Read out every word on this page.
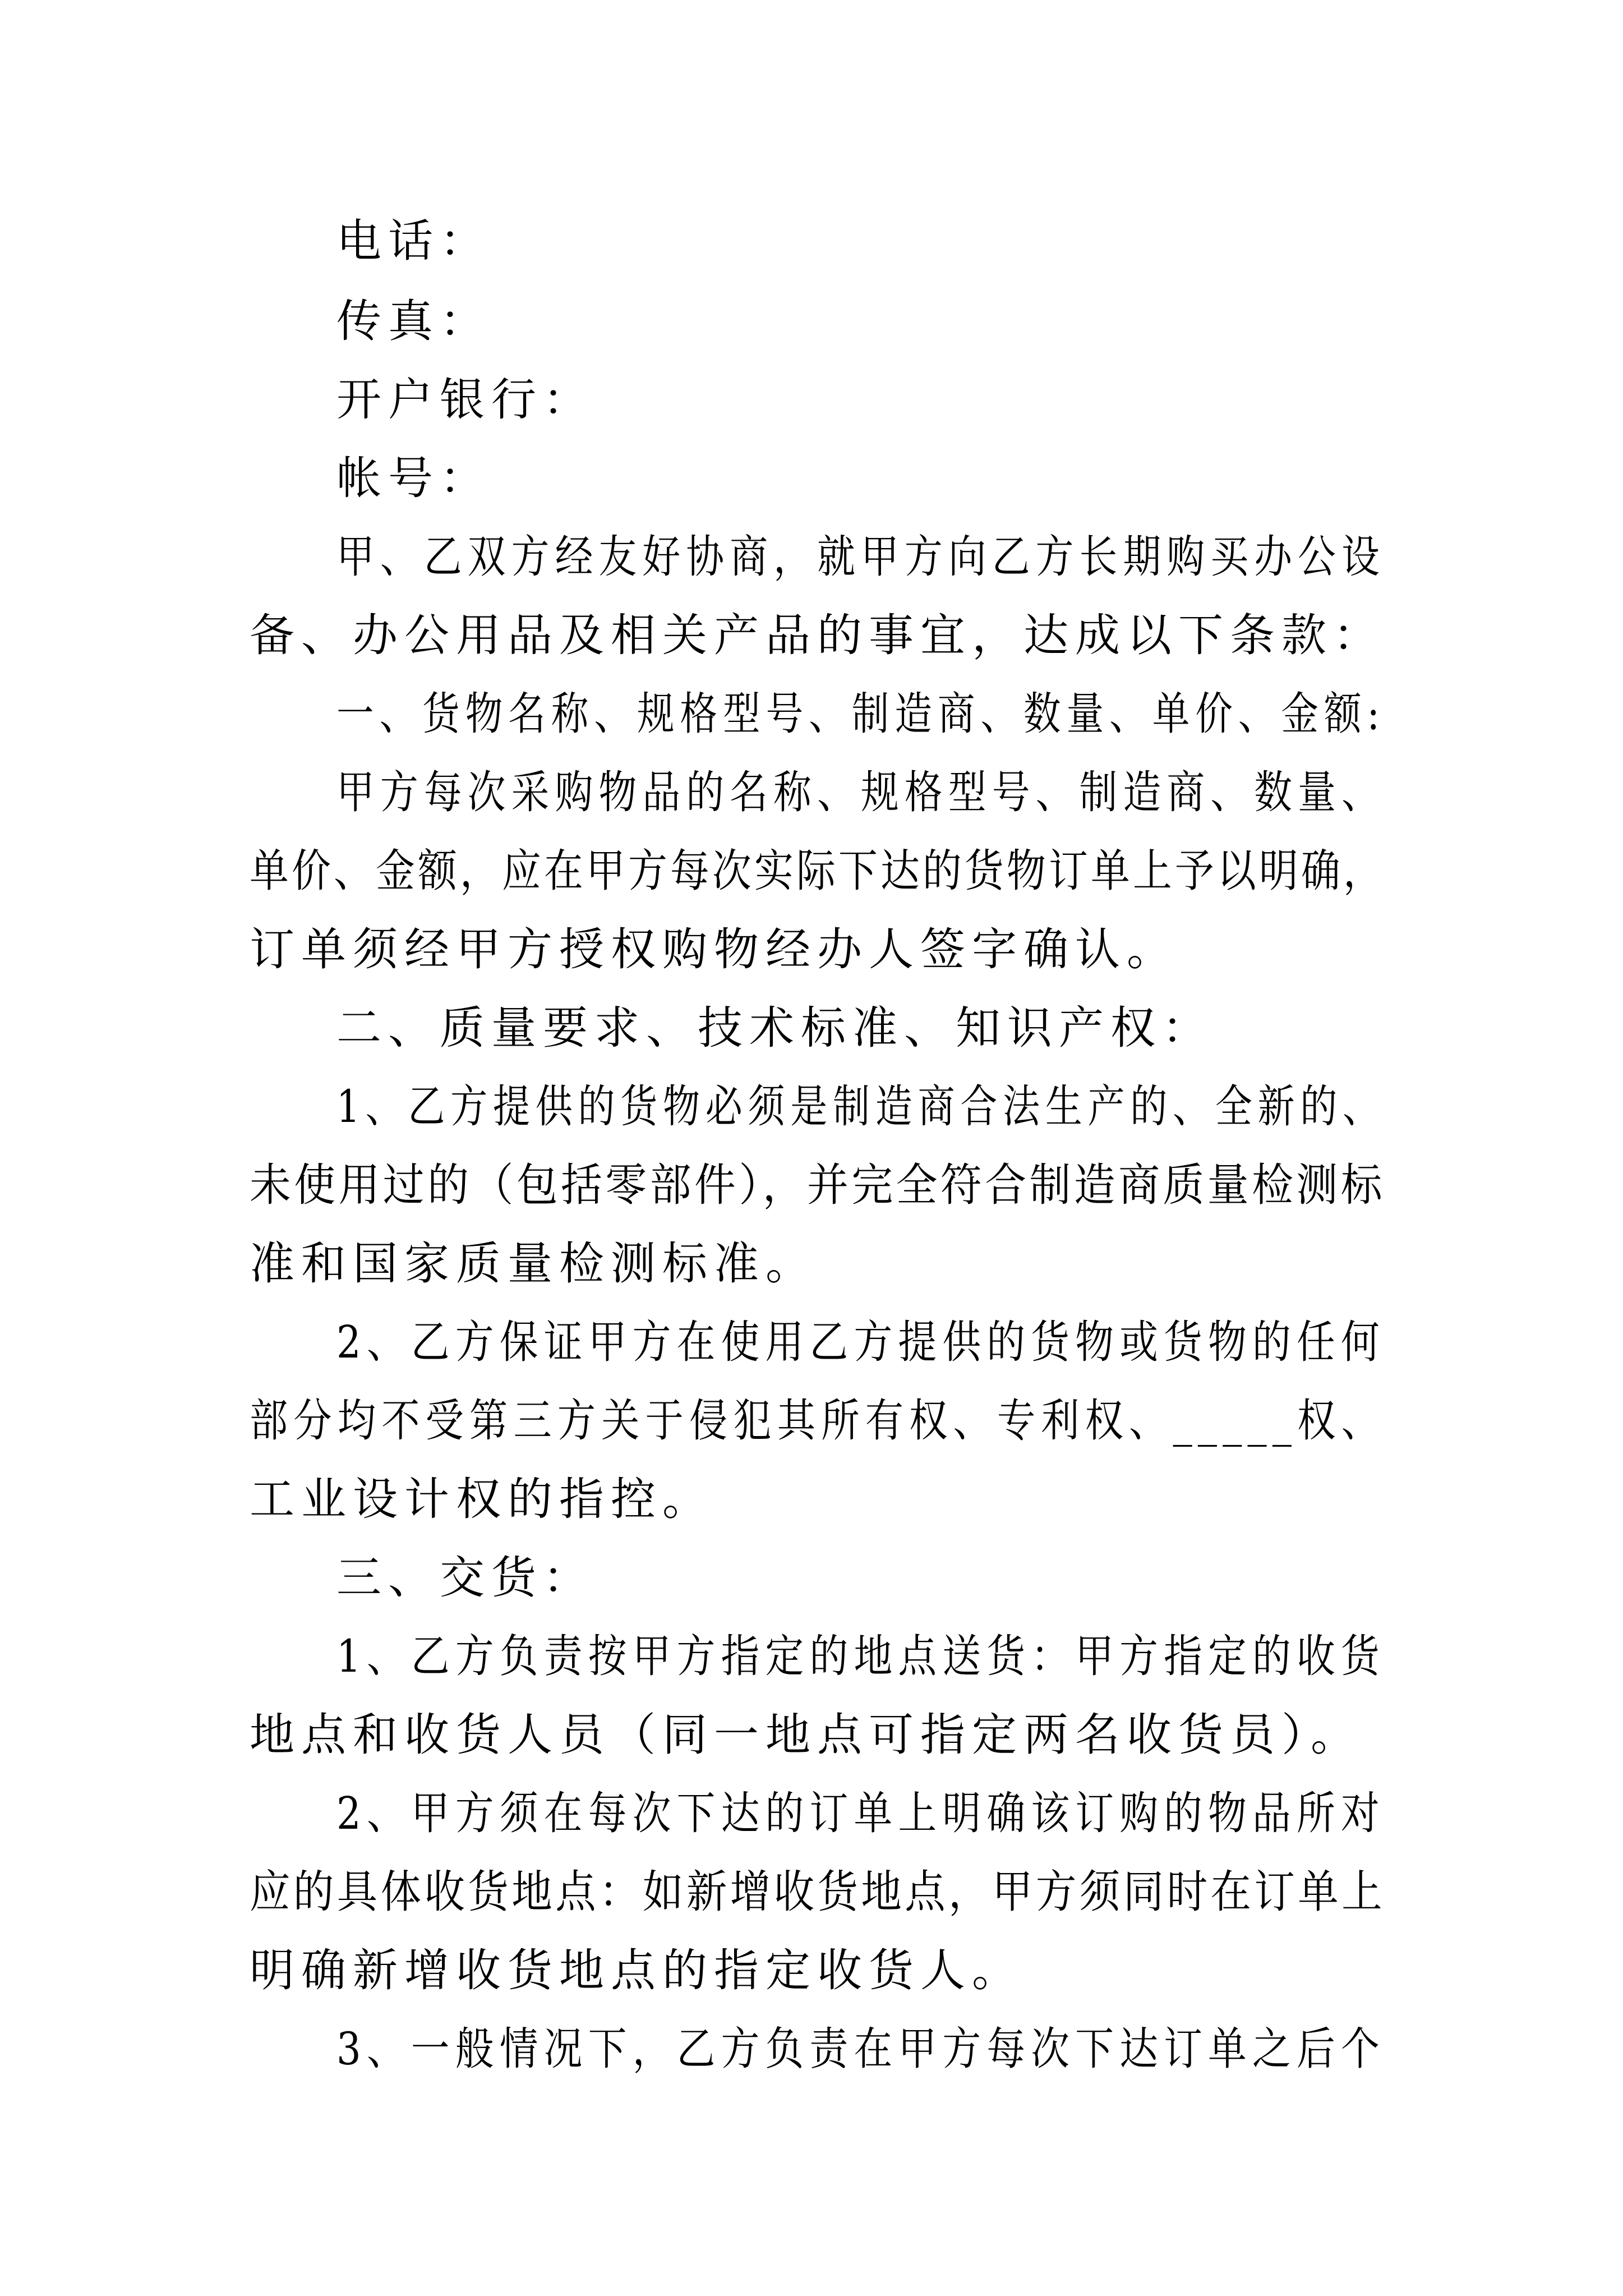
电话：
传真：
开户银行：
帐号：
甲、乙双方经友好协商，就甲方向乙方长期购买办公设
备、办公用品及相关产品的事宜，达成以下条款：
一、货物名称、规格型号、制造商、数量、单价、金额:
甲方每次采购物品的名称、规格型号、制造商、数量、
单价、金额，应在甲方每次实际下达的货物订单上予以明确，
订单须经甲方授权购物经办人签字确认。
二、质量要求、技术标准、知识产权：
1、乙方提供的货物必须是制造商合法生产的、全新的、
未使用过的（包括零部件），并完全符合制造商质量检测标
准和国家质量检测标准。
2、乙方保证甲方在使用乙方提供的货物或货物的任何
部分均不受第三方关于侵犯其所有权、专利权、_____权、
工业设计权的指控。
三、交货：
1、乙方负责按甲方指定的地点送货：甲方指定的收货
地点和收货人员（同一地点可指定两名收货员）。
2、甲方须在每次下达的订单上明确该订购的物品所对
应的具体收货地点：如新增收货地点，甲方须同时在订单上
明确新增收货地点的指定收货人。
3、一般情况下，乙方负责在甲方每次下达订单之后个
